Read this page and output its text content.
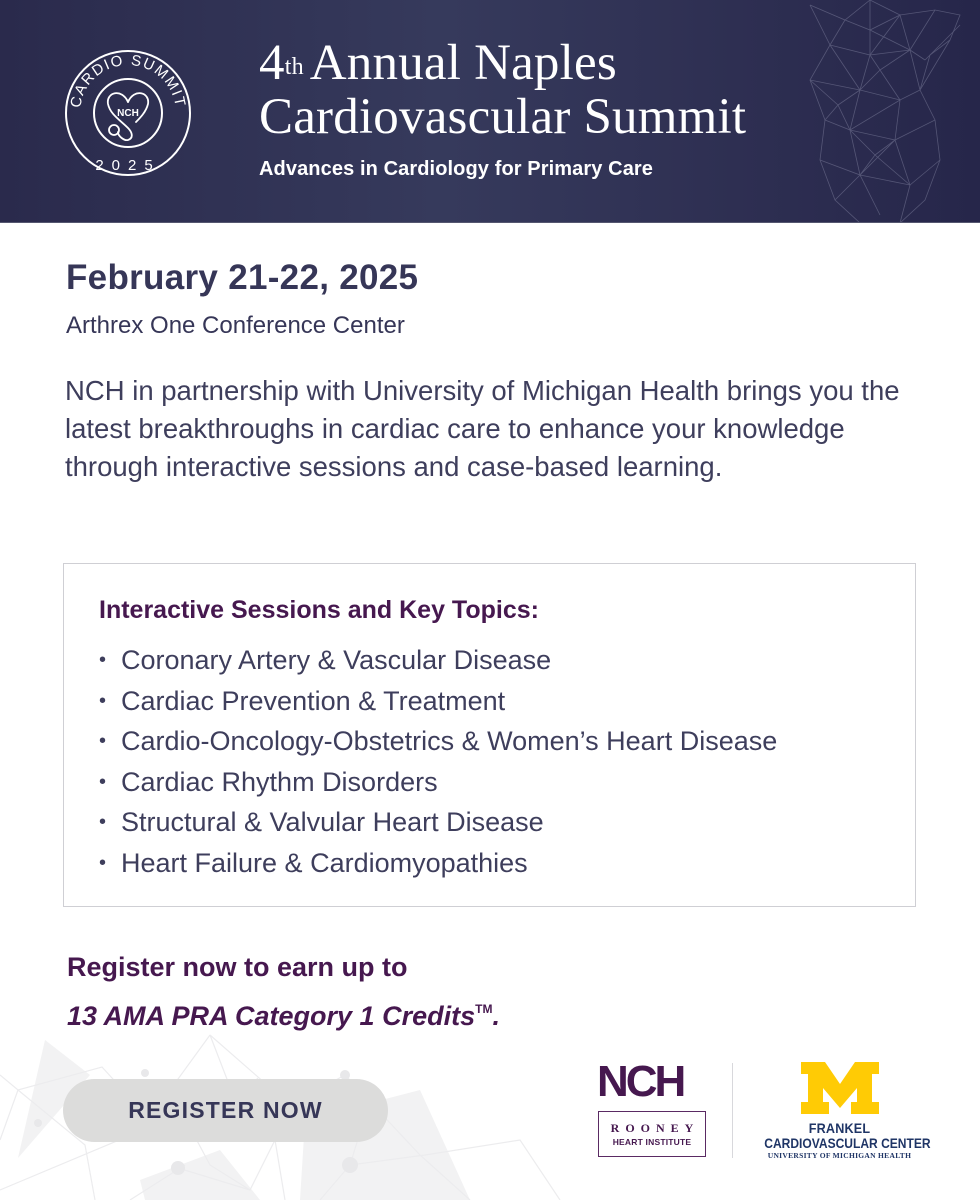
CARDIO SUMMIT
2025
NCH
4th Annual Naples
Cardiovascular Summit
Advances in Cardiology for Primary Care
February 21-22, 2025
Arthrex One Conference Center

NCH in partnership with University of Michigan Health brings you the latest breakthroughs in cardiac care to enhance your knowledge through interactive sessions and case-based learning.

Interactive Sessions and Key Topics:
• Coronary Artery & Vascular Disease
• Cardiac Prevention & Treatment
• Cardio-Oncology-Obstetrics & Women’s Heart Disease
• Cardiac Rhythm Disorders
• Structural & Valvular Heart Disease
• Heart Failure & Cardiomyopathies
Register now to earn up to
13 AMA PRA Category 1 Credits™.
REGISTER NOW
NCH
ROONEY
HEART INSTITUTE
FRANKEL
CARDIOVASCULAR CENTER
UNIVERSITY OF MICHIGAN HEALTH
